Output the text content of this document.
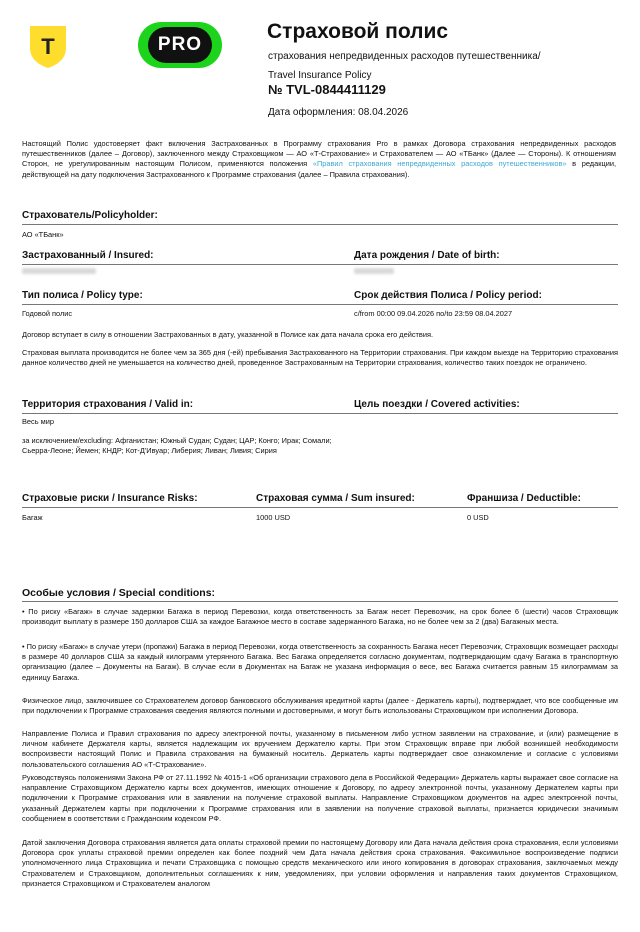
Т	PRO
Страховой полис
страхования непредвиденных расходов путешественника/
Travel Insurance Policy
№ TVL-0844411129
Дата оформления: 08.04.2026
Настоящий Полис удостоверяет факт включения Застрахованных в Программу страхования Pro в рамках Договора страхования непредвиденных расходов путешественников (далее – Договор), заключенного между Страховщиком — АО «Т-Страхование» и Страхователем — АО «ТБанк» (Далее — Стороны). К отношениям Сторон, не урегулированным настоящим Полисом, применяются положения «Правил страхования непредвиденных расходов путешественников» в редакции, действующей на дату подключения Застрахованного к Программе страхования (далее – Правила страхования).
Страхователь/Policyholder:
АО «ТБанк»
Застрахованный / Insured:	Дата рождения / Date of birth:
Тип полиса / Policy type:	Срок действия Полиса / Policy period:
Годовой полис	c/from 00:00 09.04.2026 по/to 23:59 08.04.2027
Договор вступает в силу в отношении Застрахованных в дату, указанной в Полисе как дата начала срока его действия.
Страховая выплата производится не более чем за 365 дня (-ей) пребывания Застрахованного на Территории страхования. При каждом выезде на Территорию страхования данное количество дней не уменьшается на количество дней, проведенное Застрахованным на Территории страхования, количество таких поездок не ограничено.
Территория страхования / Valid in:	Цель поездки / Covered activities:
Весь мир
за исключением/excluding: Афганистан; Южный Судан; Судан; ЦАР; Конго; Ирак; Сомали; Сьерра-Леоне; Йемен; КНДР; Кот-Д'Ивуар; Либерия; Ливан; Ливия; Сирия
Страховые риски / Insurance Risks:	Страховая сумма / Sum insured:	Франшиза / Deductible:
Багаж	1000 USD	0 USD
Особые условия / Special conditions:
• По риску «Багаж» в случае задержки Багажа в период Перевозки, когда ответственность за Багаж несет Перевозчик, на срок более 6 (шести) часов Страховщик производит выплату в размере 150 долларов США за каждое Багажное место в составе задержанного Багажа, но не более чем за 2 (два) Багажных места.
• По риску «Багаж» в случае утери (пропажи) Багажа в период Перевозки, когда ответственность за сохранность Багажа несет Перевозчик, Страховщик возмещает расходы в размере 40 долларов США за каждый килограмм утерянного Багажа. Вес Багажа определяется согласно документам, подтверждающим сдачу Багажа в транспортную организацию (далее – Документы на Багаж). В случае если в Документах на Багаж не указана информация о весе, вес Багажа считается равным 15 килограммам за единицу Багажа.
Физическое лицо, заключившее со Страхователем договор банковского обслуживания кредитной карты (далее - Держатель карты), подтверждает, что все сообщенные им при подключении к Программе страхования сведения являются полными и достоверными, и могут быть использованы Страховщиком при исполнении Договора.
Направление Полиса и Правил страхования по адресу электронной почты, указанному в письменном либо устном заявлении на страхование, и (или) размещение в личном кабинете Держателя карты, является надлежащим их вручением Держателю карты. При этом Страховщик вправе при любой возникшей необходимости воспроизвести настоящий Полис и Правила страхования на бумажный носитель. Держатель карты подтверждает свое ознакомление и согласие с условиями пользовательского соглашения АО «Т-Страхование».
Руководствуясь положениями Закона РФ от 27.11.1992 № 4015-1 «Об организации страхового дела в Российской Федерации» Держатель карты выражает свое согласие на направление Страховщиком Держателю карты всех документов, имеющих отношение к Договору, по адресу электронной почты, указанному Держателем карты при подключении к Программе страхования или в заявлении на получение страховой выплаты. Направление Страховщиком документов на адрес электронной почты, указанный Держателем карты при подключении к Программе страхования или в заявлении на получение страховой выплаты, признается юридически значимым сообщением в соответствии с Гражданским кодексом РФ.
Датой заключения Договора страхования является дата оплаты страховой премии по настоящему Договору или Дата начала действия срока страхования, если условиями Договора срок уплаты страховой премии определен как более поздний чем Дата начала действия срока страхования. Факсимильное воспроизведение подписи уполномоченного лица Страховщика и печати Страховщика с помощью средств механического или иного копирования в договорах страхования, заключаемых между Страхователем и Страховщиком, дополнительных соглашениях к ним, уведомлениях, при условии оформления и направления таких документов Страховщиком, признается Страховщиком и Страхователем аналогом
